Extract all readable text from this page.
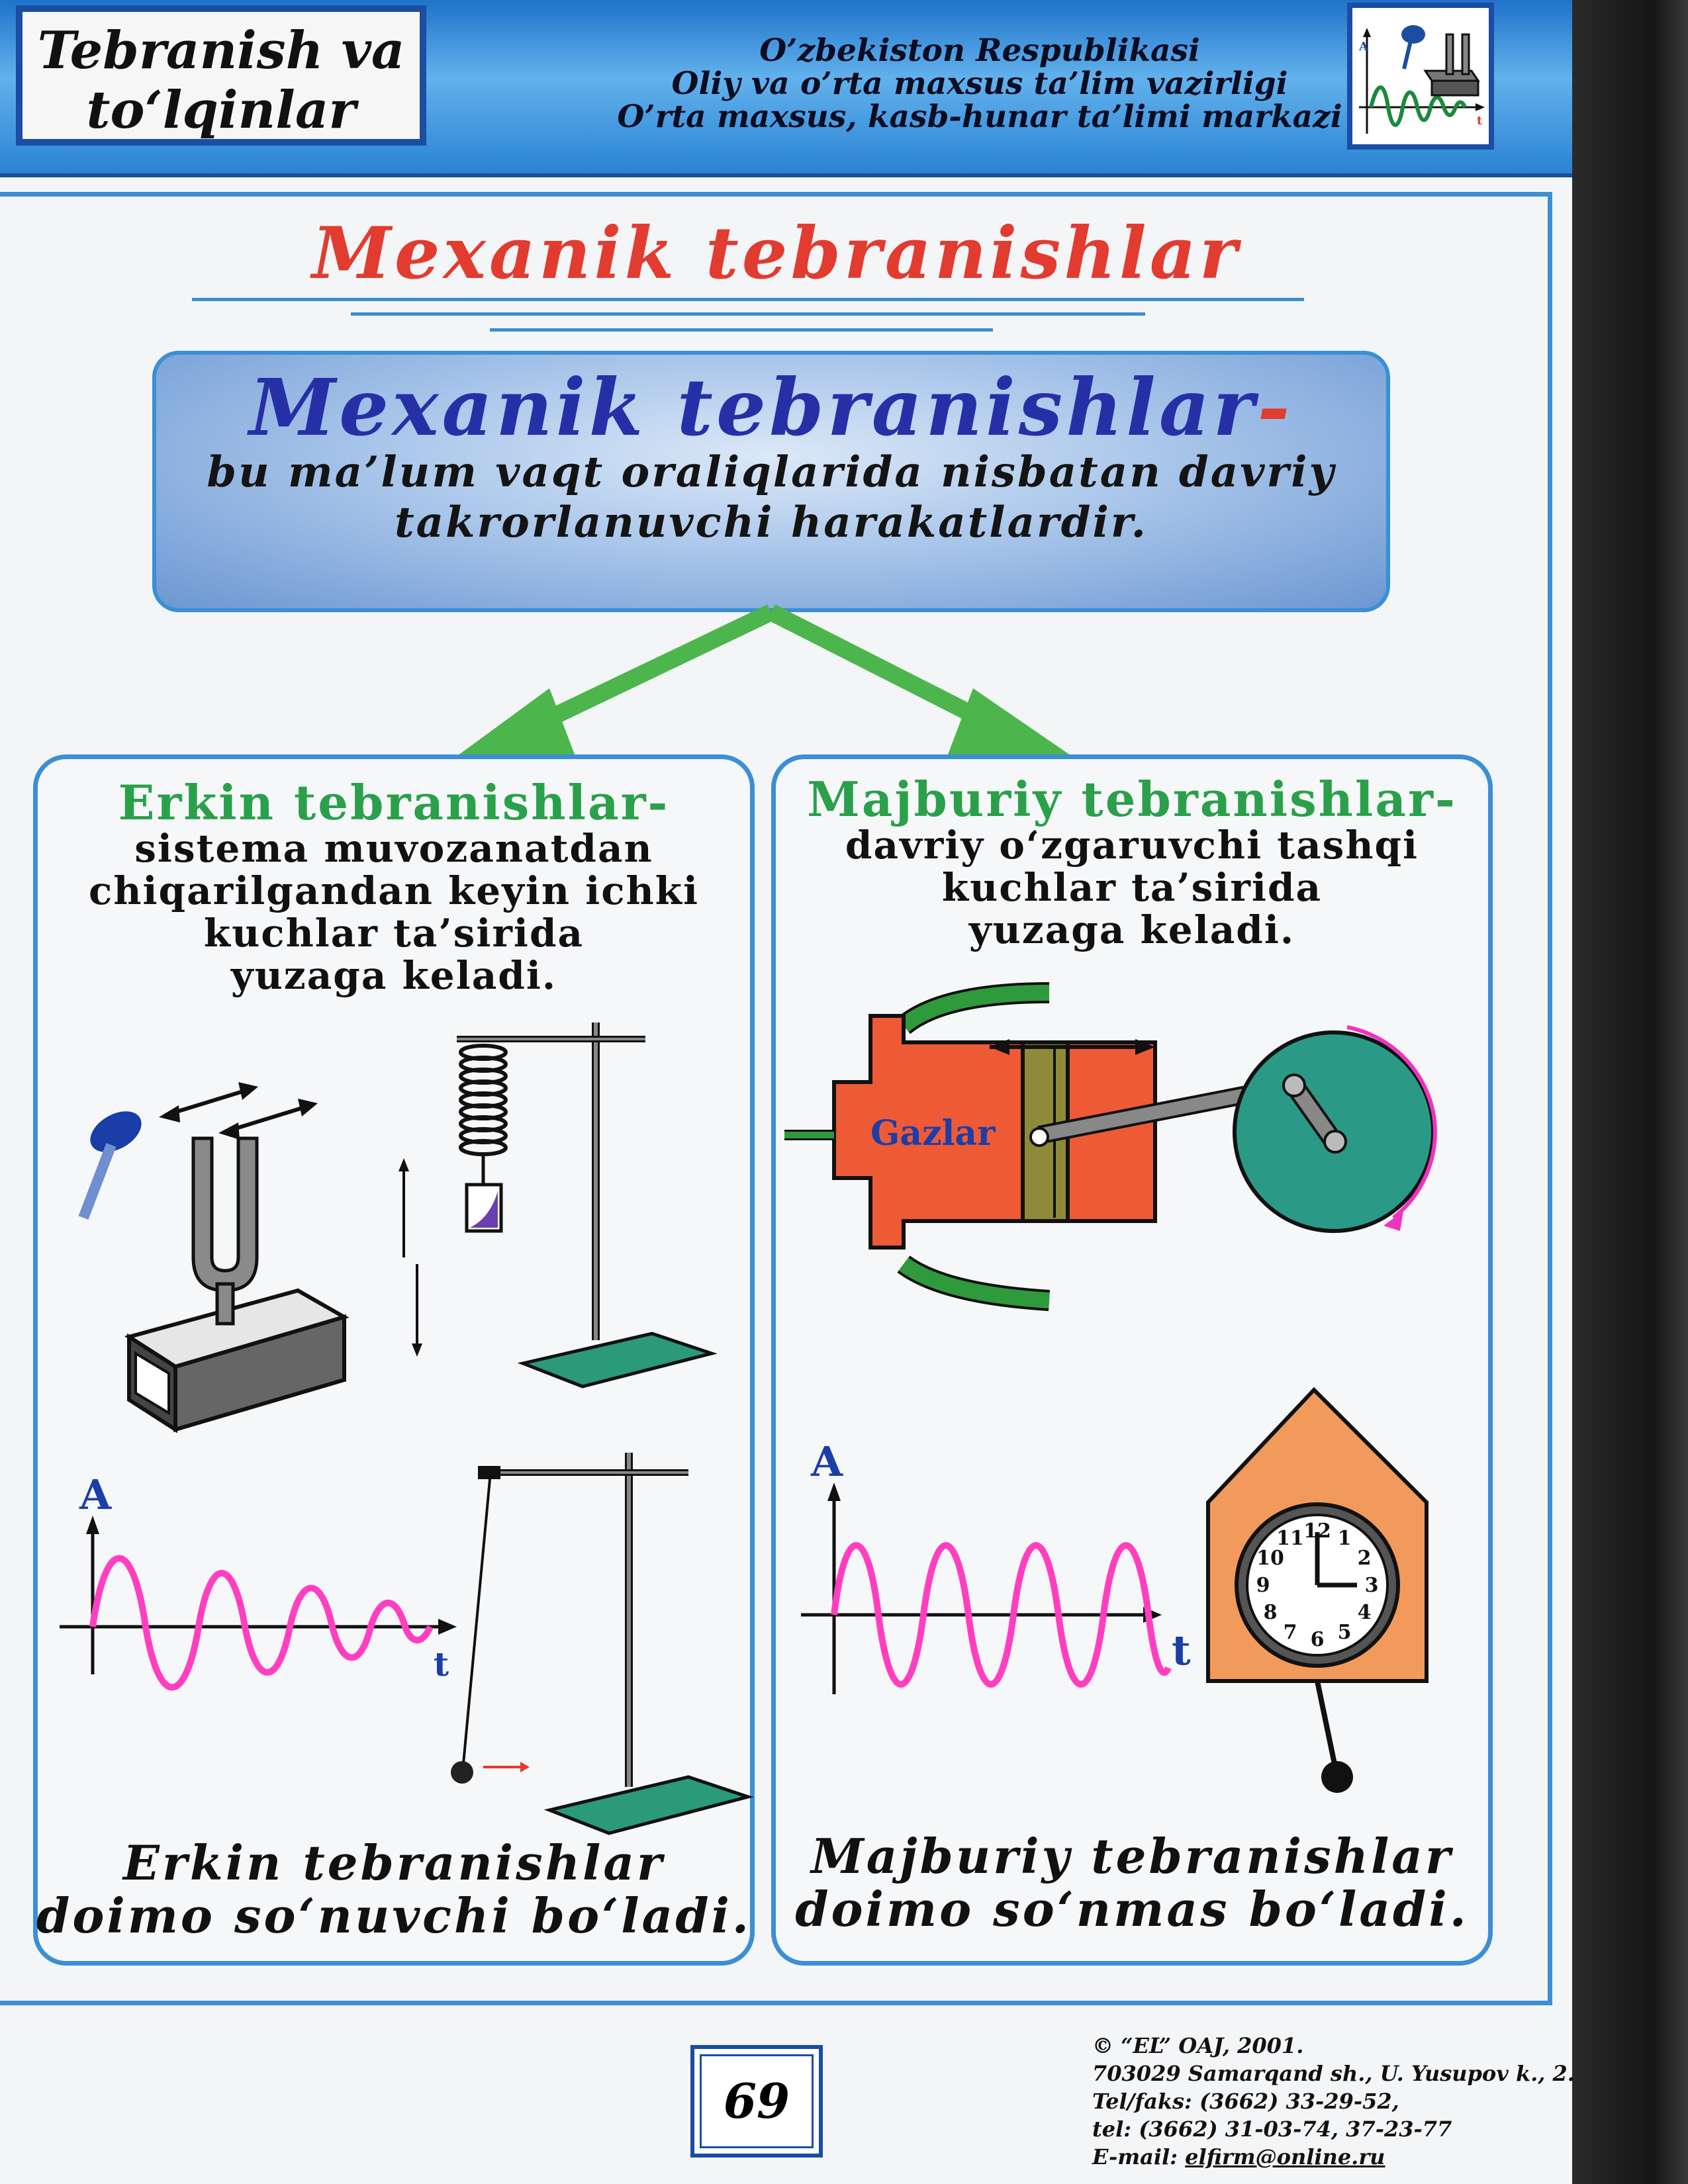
Tebranish va
to‘lqinlar
O’zbekiston Respublikasi
Oliy va o’rta maxsus ta’lim vazirligi
O’rta maxsus, kasb-hunar ta’limi markazi
A
t
Mexanik tebranishlar
Mexanik tebranishlar-
bu ma’lum vaqt oraliqlarida nisbatan davriy
takrorlanuvchi harakatlardir.
Erkin tebranishlar-
sistema muvozanatdan
chiqarilgandan keyin ichki
kuchlar ta’sirida
yuzaga keladi.
A
t
Erkin tebranishlar
doimo so‘nuvchi bo‘ladi.
Majburiy tebranishlar-
davriy o‘zgaruvchi tashqi
kuchlar ta’sirida
yuzaga keladi.
Gazlar
A
t
12 1
2
3
4
5
6
7
8
9
10
11
Majburiy tebranishlar
doimo so‘nmas bo‘ladi.
69
© “EL” OAJ, 2001.
703029 Samarqand sh., U. Yusupov k., 2.
Tel/faks: (3662) 33-29-52,
tel: (3662) 31-03-74, 37-23-77
E-mail: elfirm@online.ru
